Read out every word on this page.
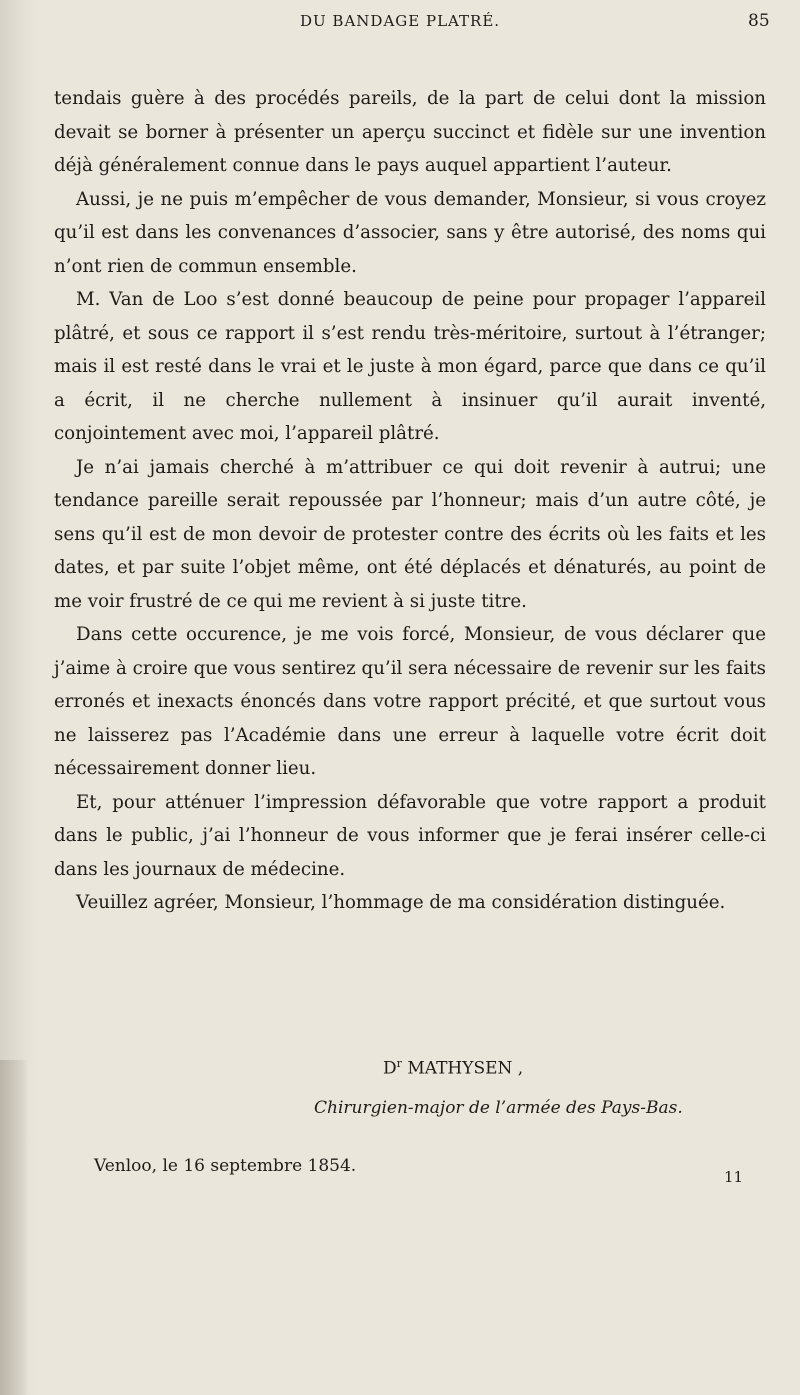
DU BANDAGE PLATRÉ.	85

tendais guère à des procédés pareils, de la part de celui dont la mission devait se borner à présenter un aperçu succinct et fidèle sur une invention déjà généralement connue dans le pays auquel appartient l’auteur.

Aussi, je ne puis m’empêcher de vous demander, Monsieur, si vous croyez qu’il est dans les convenances d’associer, sans y être autorisé, des noms qui n’ont rien de commun ensemble.

M. Van de Loo s’est donné beaucoup de peine pour propager l’appareil plâtré, et sous ce rapport il s’est rendu très-méritoire, surtout à l’étranger; mais il est resté dans le vrai et le juste à mon égard, parce que dans ce qu’il a écrit, il ne cherche nullement à insinuer qu’il aurait inventé, conjointement avec moi, l’appareil plâtré.

Je n’ai jamais cherché à m’attribuer ce qui doit revenir à autrui; une tendance pareille serait repoussée par l’honneur; mais d’un autre côté, je sens qu’il est de mon devoir de protester contre des écrits où les faits et les dates, et par suite l’objet même, ont été déplacés et dénaturés, au point de me voir frustré de ce qui me revient à si juste titre.

Dans cette occurence, je me vois forcé, Monsieur, de vous déclarer que j’aime à croire que vous sentirez qu’il sera nécessaire de revenir sur les faits erronés et inexacts énoncés dans votre rapport précité, et que surtout vous ne laisserez pas l’Académie dans une erreur à laquelle votre écrit doit nécessairement donner lieu.

Et, pour atténuer l’impression défavorable que votre rapport a produit dans le public, j’ai l’honneur de vous informer que je ferai insérer celle-ci dans les journaux de médecine.

Veuillez agréer, Monsieur, l’hommage de ma considération distinguée.

$D^r$ MATHYSEN ,
Chirurgien-major de l’armée des Pays-Bas.
Venloo, le 16 septembre 1854.
11
